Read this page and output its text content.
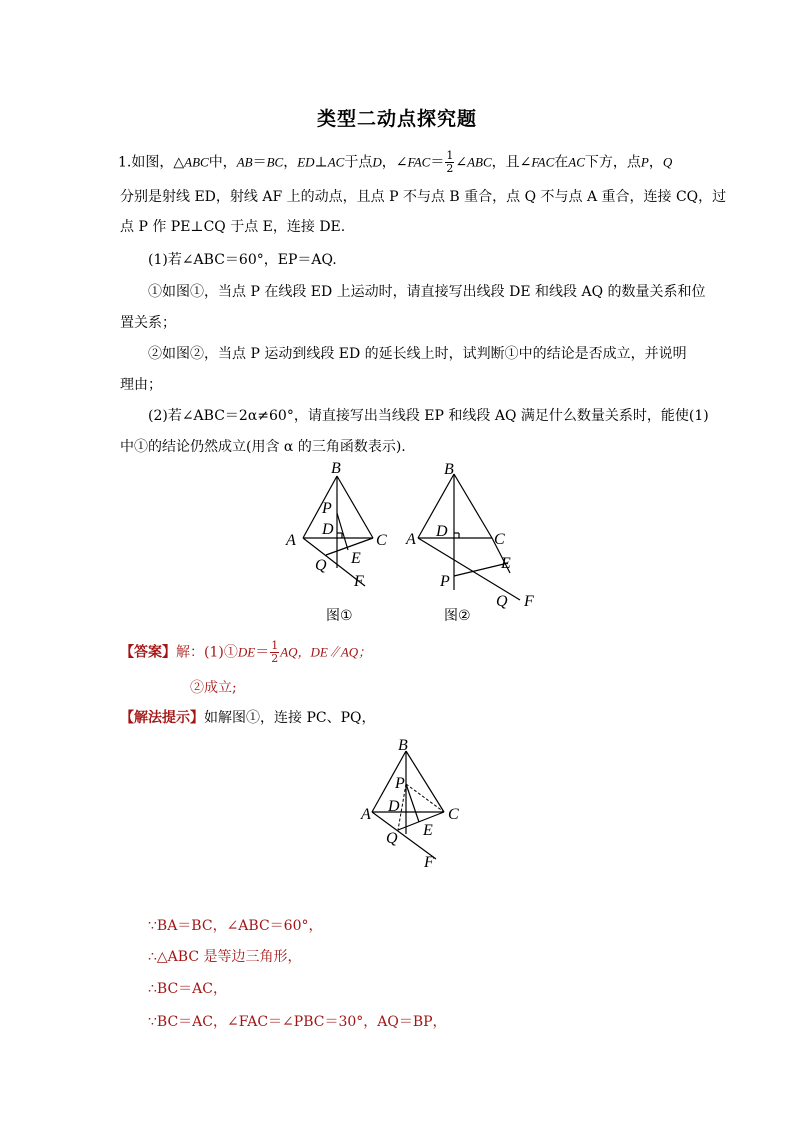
类型二动点探究题
1.如图，△ABC中，AB＝BC，ED⊥AC于点D，∠FAC＝ $\frac{1}{2}$ ∠ABC，且∠FAC在AC下方，点P，Q
分别是射线 ED，射线 AF 上的动点，且点 P 不与点 B 重合，点 Q 不与点 A 重合，连接 CQ，过
点 P 作 PE⊥CQ 于点 E，连接 DE.
(1)若∠ABC＝60°，EP＝AQ.
①如图①，当点 P 在线段 ED 上运动时，请直接写出线段 DE 和线段 AQ 的数量关系和位
置关系；
②如图②，当点 P 运动到线段 ED 的延长线上时，试判断①中的结论是否成立，并说明
理由；
(2)若∠ABC＝2α≠60°，请直接写出当线段 EP 和线段 AQ 满足什么数量关系时，能使(1)
中①的结论仍然成立(用含 α 的三角函数表示).
B
P
D
A	C
E
Q
F
图①
B
A D	C
E
P
Q F
图②
【答案】解：(1)①DE＝ $\frac{1}{2}$ AQ，DE∥AQ；
②成立;
【解法提示】如解图①，连接 PC、PQ，
B
P
D
A	C
E
Q
F
∵BA＝BC，∠ABC＝60°，
∴△ABC 是等边三角形，
∴BC＝AC，
∵BC＝AC，∠FAC＝∠PBC＝30°，AQ＝BP，
